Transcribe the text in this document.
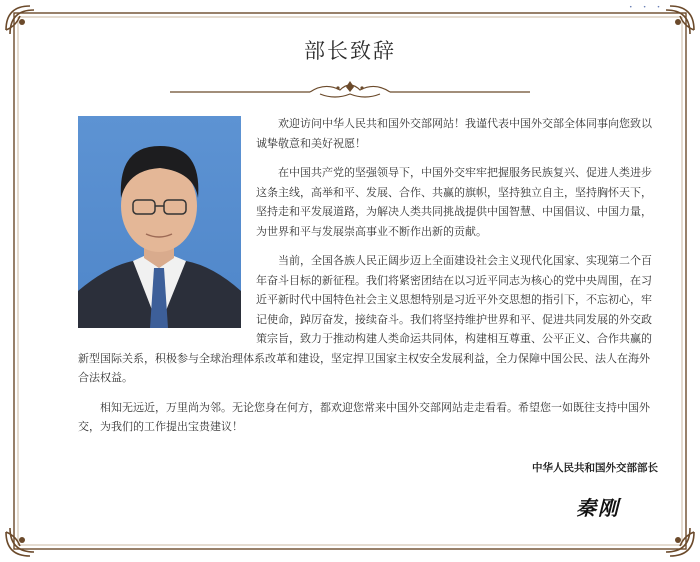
・ ・ ・
部长致辞

欢迎访问中华人民共和国外交部网站！我谨代表中国外交部全体同事向您致以诚挚敬意和美好祝愿！

在中国共产党的坚强领导下，中国外交牢牢把握服务民族复兴、促进人类进步这条主线，高举和平、发展、合作、共赢的旗帜，坚持独立自主，坚持胸怀天下，坚持走和平发展道路，为解决人类共同挑战提供中国智慧、中国倡议、中国力量，为世界和平与发展崇高事业不断作出新的贡献。

当前，全国各族人民正阔步迈上全面建设社会主义现代化国家、实现第二个百年奋斗目标的新征程。我们将紧密团结在以习近平同志为核心的党中央周围，在习近平新时代中国特色社会主义思想特别是习近平外交思想的指引下，不忘初心，牢记使命，踔厉奋发，接续奋斗。我们将坚持维护世界和平、促进共同发展的外交政策宗旨，致力于推动构建人类命运共同体，构建相互尊重、公平正义、合作共赢的新型国际关系，积极参与全球治理体系改革和建设，坚定捍卫国家主权安全发展利益，全力保障中国公民、法人在海外合法权益。

相知无远近，万里尚为邻。无论您身在何方，都欢迎您常来中国外交部网站走走看看。希望您一如既往支持中国外交，为我们的工作提出宝贵建议！

中华人民共和国外交部部长
秦刚
